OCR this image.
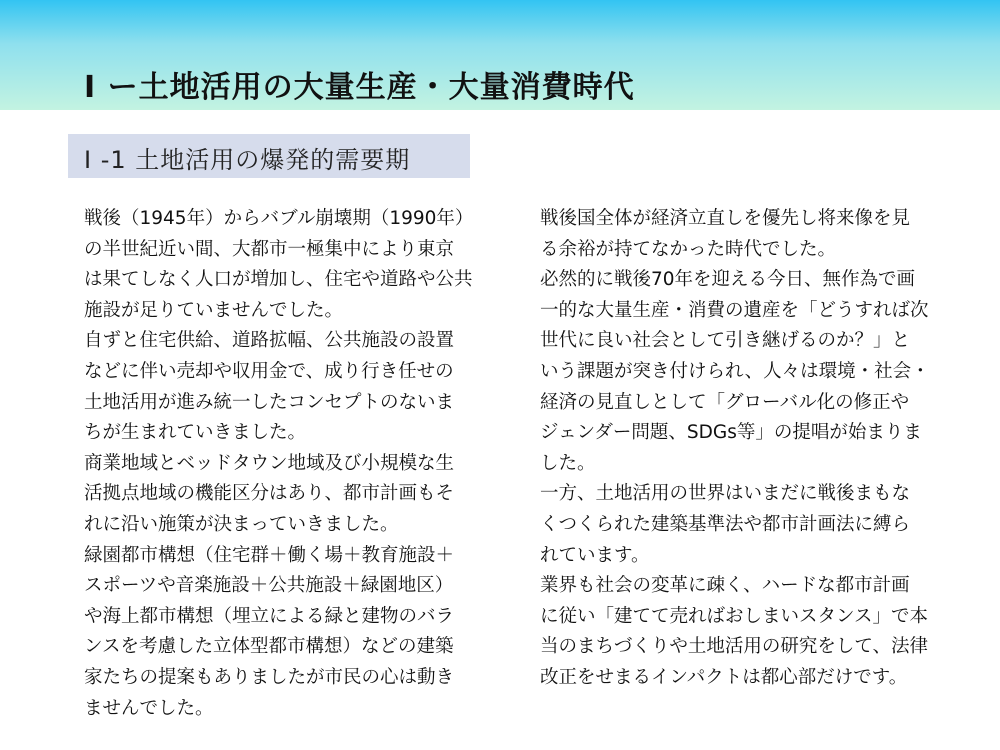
Ⅰ ー土地活用の大量生産・大量消費時代
Ⅰ -1 土地活用の爆発的需要期
戦後（1945年）からバブル崩壊期（1990年）
の半世紀近い間、大都市一極集中により東京
は果てしなく人口が増加し、住宅や道路や公共
施設が足りていませんでした。
自ずと住宅供給、道路拡幅、公共施設の設置
などに伴い売却や収用金で、成り行き任せの
土地活用が進み統一したコンセプトのないま
ちが生まれていきました。
商業地域とベッドタウン地域及び小規模な生
活拠点地域の機能区分はあり、都市計画もそ
れに沿い施策が決まっていきました。
緑園都市構想（住宅群＋働く場＋教育施設＋
スポーツや音楽施設＋公共施設＋緑園地区）
や海上都市構想（埋立による緑と建物のバラ
ンスを考慮した立体型都市構想）などの建築
家たちの提案もありましたが市民の心は動き
ませんでした。
戦後国全体が経済立直しを優先し将来像を見
る余裕が持てなかった時代でした。
必然的に戦後70年を迎える今日、無作為で画
一的な大量生産・消費の遺産を「どうすれば次
世代に良い社会として引き継げるのか？」と
いう課題が突き付けられ、人々は環境・社会・
経済の見直しとして「グローバル化の修正や
ジェンダー問題、SDGs等」の提唱が始まりま
した。
一方、土地活用の世界はいまだに戦後まもな
くつくられた建築基準法や都市計画法に縛ら
れています。
業界も社会の変革に疎く、ハードな都市計画
に従い「建てて売ればおしまいスタンス」で本
当のまちづくりや土地活用の研究をして、法律
改正をせまるインパクトは都心部だけです。
